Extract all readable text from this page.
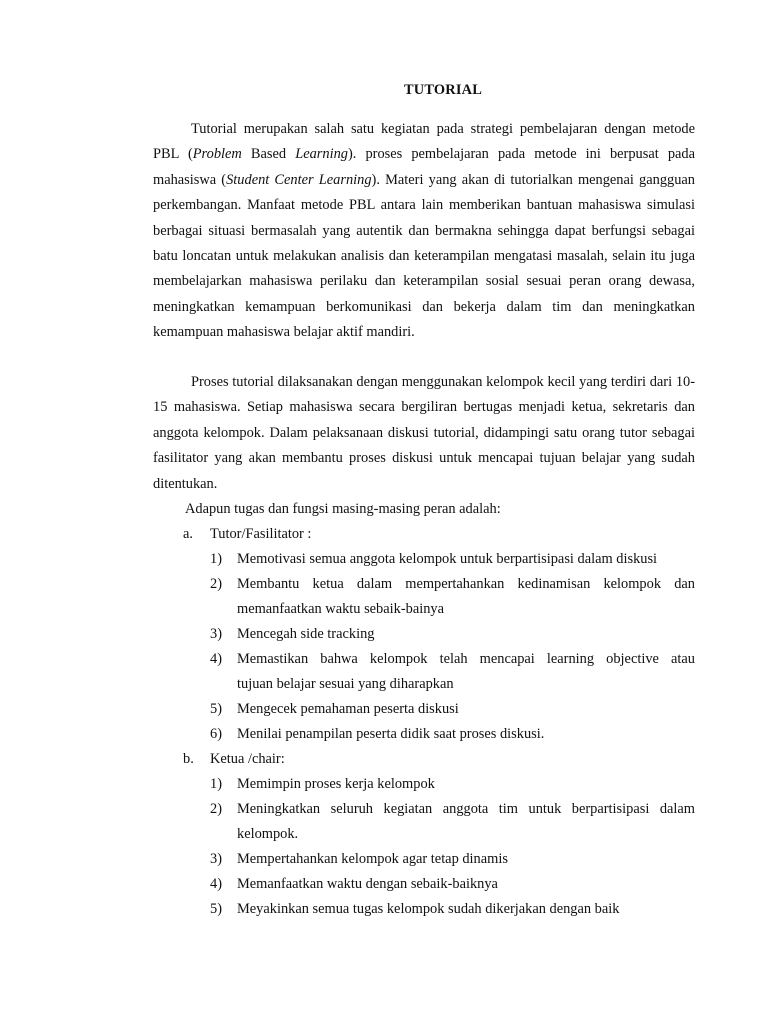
TUTORIAL

Tutorial merupakan salah satu kegiatan pada strategi pembelajaran dengan metode PBL (Problem Based Learning). proses pembelajaran pada metode ini berpusat pada mahasiswa (Student Center Learning). Materi yang akan di tutorialkan mengenai gangguan perkembangan. Manfaat metode PBL antara lain memberikan bantuan mahasiswa simulasi berbagai situasi bermasalah yang autentik dan bermakna sehingga dapat berfungsi sebagai batu loncatan untuk melakukan analisis dan keterampilan mengatasi masalah, selain itu juga membelajarkan mahasiswa perilaku dan keterampilan sosial sesuai peran orang dewasa, meningkatkan kemampuan berkomunikasi dan bekerja dalam tim dan meningkatkan kemampuan mahasiswa belajar aktif mandiri.

Proses tutorial dilaksanakan dengan menggunakan kelompok kecil yang terdiri dari 10-15 mahasiswa. Setiap mahasiswa secara bergiliran bertugas menjadi ketua, sekretaris dan anggota kelompok. Dalam pelaksanaan diskusi tutorial, didampingi satu orang tutor sebagai fasilitator yang akan membantu proses diskusi untuk mencapai tujuan belajar yang sudah ditentukan.

Adapun tugas dan fungsi masing-masing peran adalah:
a. Tutor/Fasilitator :
1) Memotivasi semua anggota kelompok untuk berpartisipasi dalam diskusi
2) Membantu ketua dalam mempertahankan kedinamisan kelompok dan
memanfaatkan waktu sebaik-bainya
3) Mencegah side tracking
4) Memastikan bahwa kelompok telah mencapai learning objective atau
tujuan belajar sesuai yang diharapkan
5) Mengecek pemahaman peserta diskusi
6) Menilai penampilan peserta didik saat proses diskusi.
b. Ketua /chair:
1) Memimpin proses kerja kelompok
2) Meningkatkan seluruh kegiatan anggota tim untuk berpartisipasi dalam
kelompok.
3) Mempertahankan kelompok agar tetap dinamis
4) Memanfaatkan waktu dengan sebaik-baiknya
5) Meyakinkan semua tugas kelompok sudah dikerjakan dengan baik
